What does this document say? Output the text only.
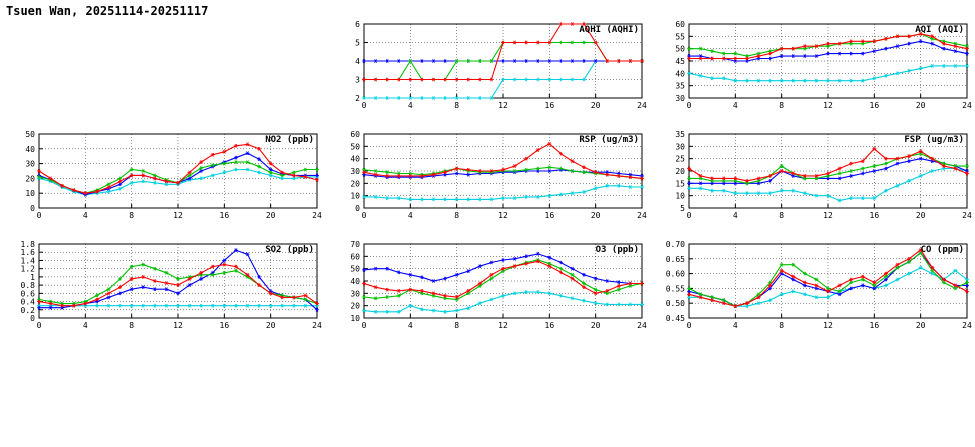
Tsuen Wan, 20251114-20251117
2
3
4
5
6
0	4	8	12	16	20	24
AQHI (AQHI)
30
35
40
45
50
55
60
0	4	8	12	16	20	24
AQI (AQI)
0
10
20
30
40
50
0	4	8	12	16	20	24
NO2 (ppb)
0
10
20
30
40
50
60
0	4	8	12	16	20	24
RSP (ug/m3)
5
10
15
20
25
30
35
0	4	8	12	16	20	24
FSP (ug/m3)
0
0.2
0.4
0.6
0.8
1
1.2
1.4
1.6
1.8
0	4	8	12	16	20	24
SO2 (ppb)
10
20
30
40
50
60
70
0	4	8	12	16	20	24
O3 (ppb)
0.45
0.50
0.55
0.60
0.65
0.70
0	4	8	12	16	20	24
CO (ppm)
